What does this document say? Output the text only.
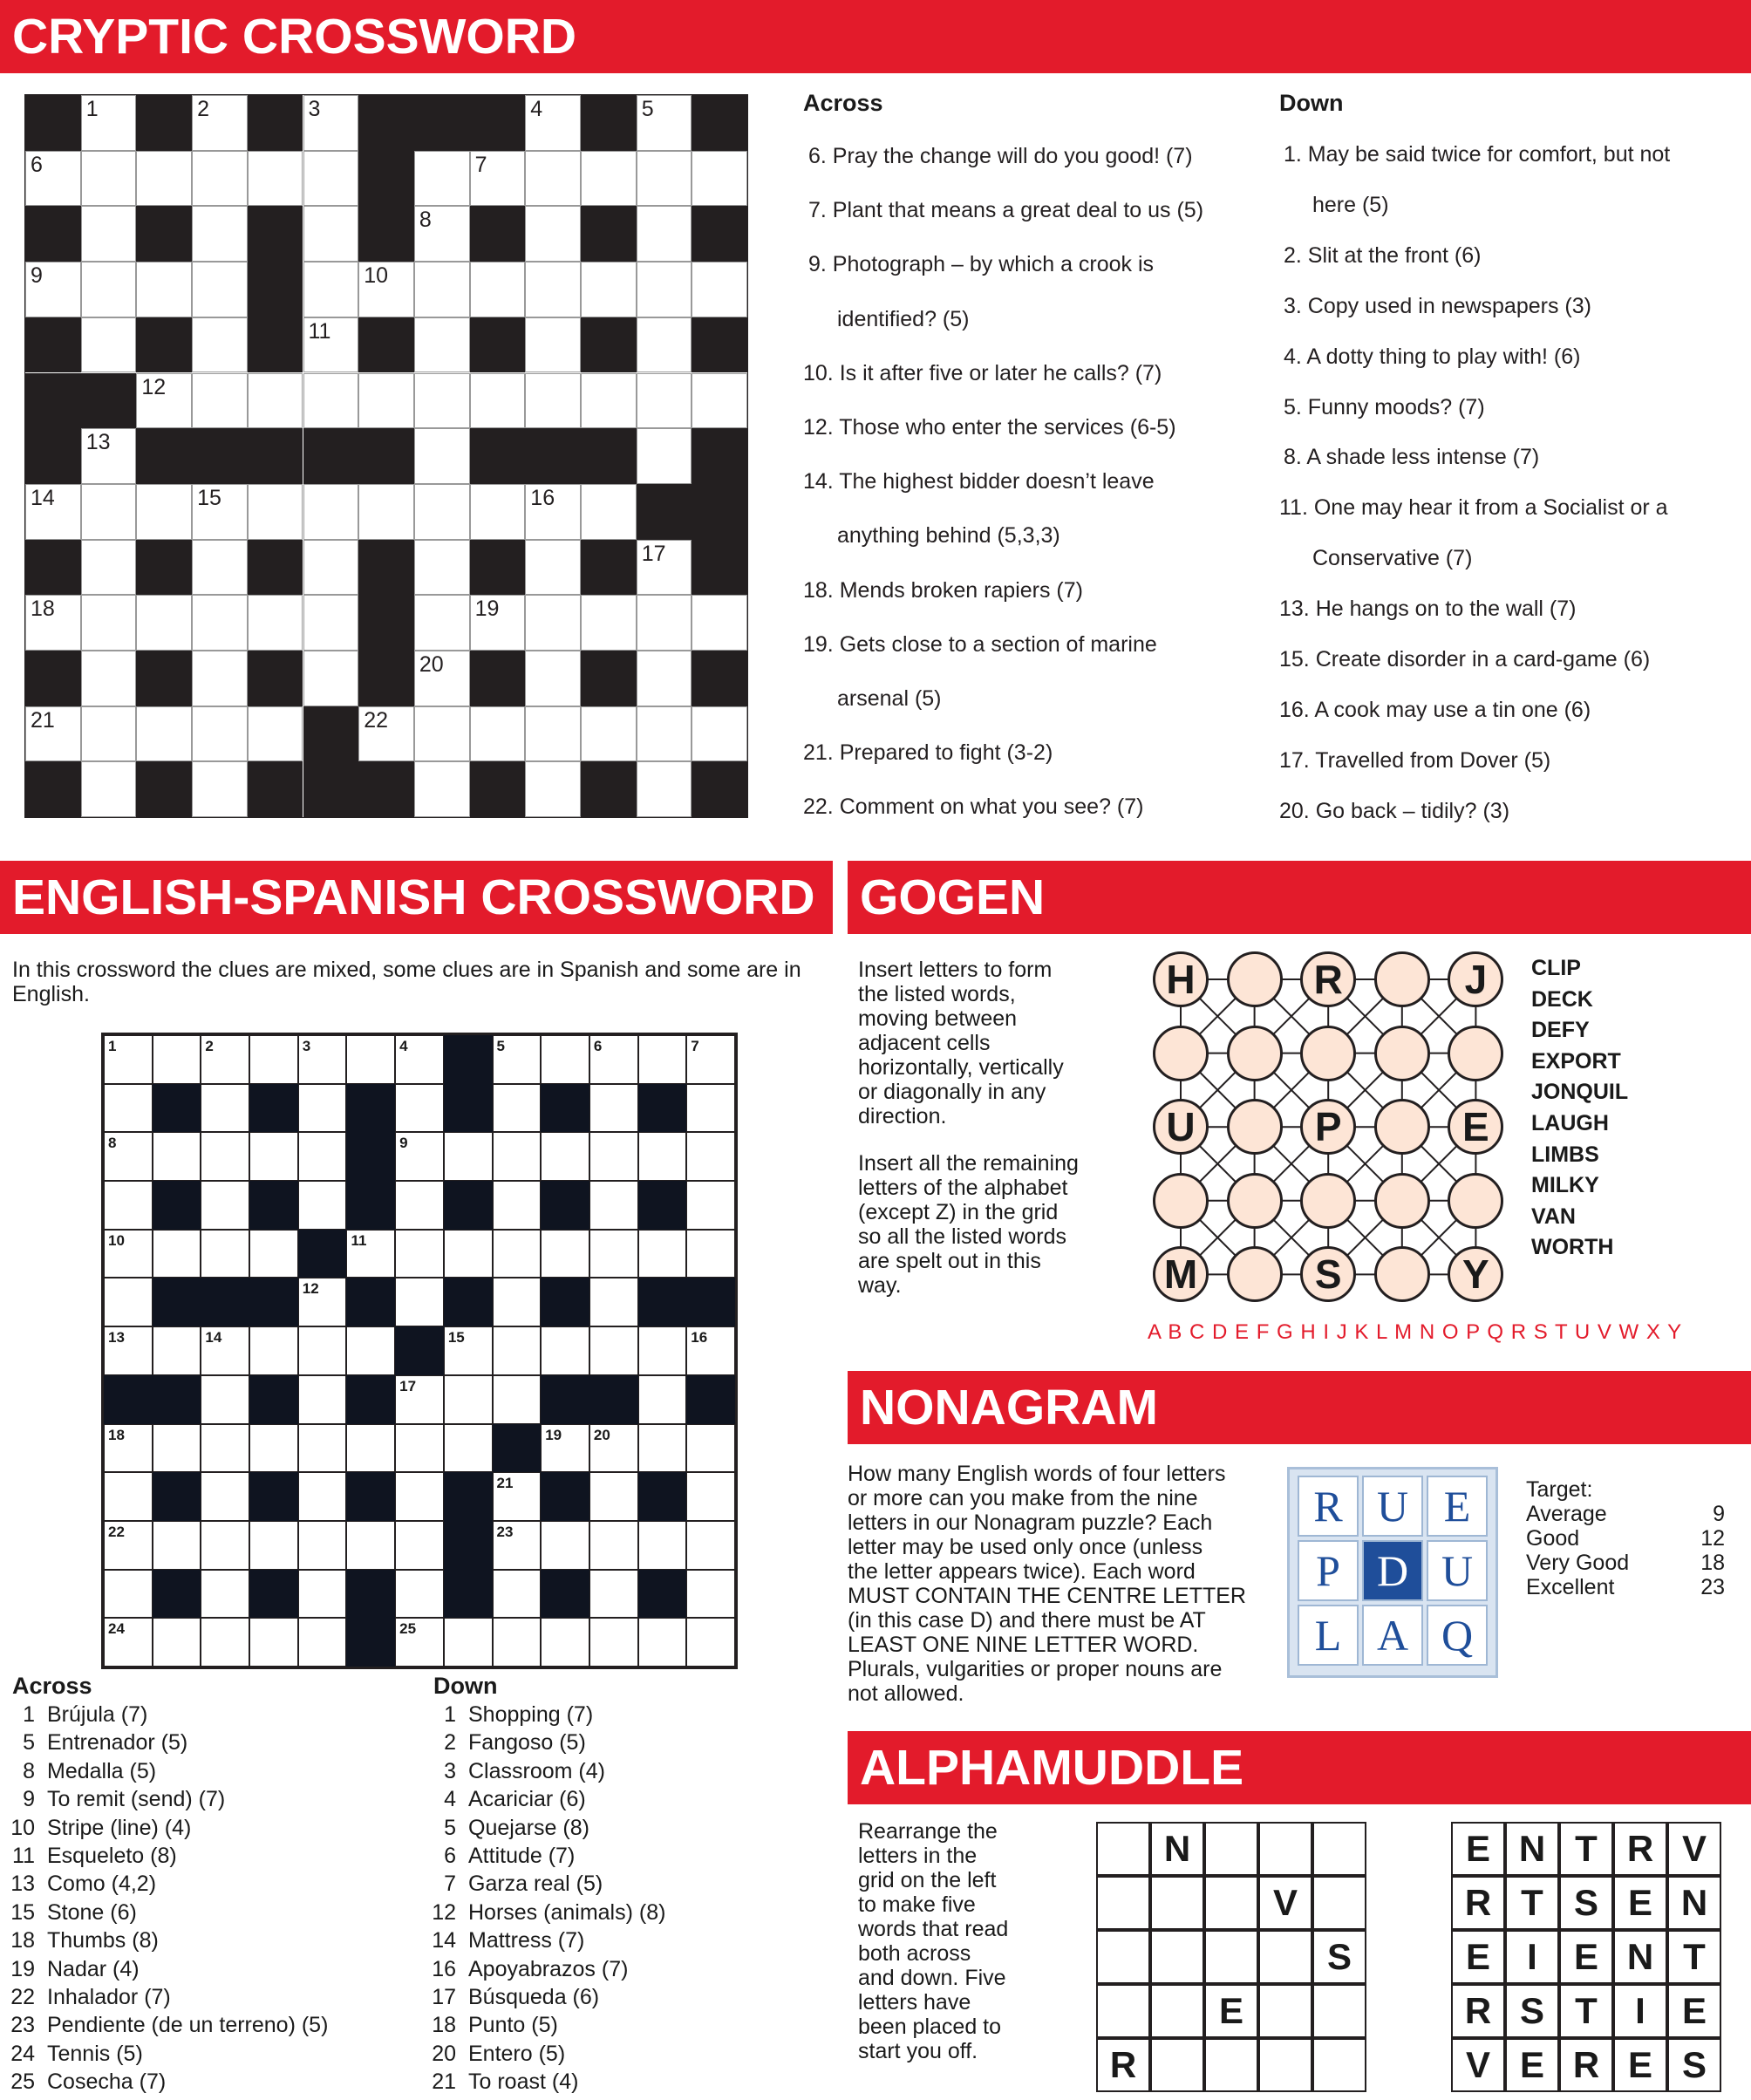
CRYPTIC CROSSWORD
1	2	3	4	5
6	7
8
9	10
11
12
13
14	15	16
17
18	19
20
21	22
Across
6. Pray the change will do you good! (7)
7. Plant that means a great deal to us (5)
9. Photograph – by which a crook is
identified? (5)
10. Is it after five or later he calls? (7)
12. Those who enter the services (6-5)
14. The highest bidder doesn’t leave
anything behind (5,3,3)
18. Mends broken rapiers (7)
19. Gets close to a section of marine
arsenal (5)
21. Prepared to fight (3-2)
22. Comment on what you see? (7)
Down
1. May be said twice for comfort, but not
here (5)
2. Slit at the front (6)
3. Copy used in newspapers (3)
4. A dotty thing to play with! (6)
5. Funny moods? (7)
8. A shade less intense (7)
11. One may hear it from a Socialist or a
Conservative (7)
13. He hangs on to the wall (7)
15. Create disorder in a card-game (6)
16. A cook may use a tin one (6)
17. Travelled from Dover (5)
20. Go back – tidily? (3)
ENGLISH-SPANISH CROSSWORD
In this crossword the clues are mixed, some clues are in Spanish and some are in English.
1	2	3	4	5	6	7
8	9
10	11
12
13	14	15	16
17
18	19 20
21
22	23
24	25
Across	Down
1 Brújula (7)
5 Entrenador (5)
8 Medalla (5)
9 To remit (send) (7)
10 Stripe (line) (4)
11 Esqueleto (8)
13 Como (4,2)
15 Stone (6)
18 Thumbs (8)
19 Nadar (4)
22 Inhalador (7)
23 Pendiente (de un terreno) (5)
24 Tennis (5)
25 Cosecha (7)
1 Shopping (7)
2 Fangoso (5)
3 Classroom (4)
4 Acariciar (6)
5 Quejarse (8)
6 Attitude (7)
7 Garza real (5)
12 Horses (animals) (8)
14 Mattress (7)
16 Apoyabrazos (7)
17 Búsqueda (6)
18 Punto (5)
20 Entero (5)
21 To roast (4)
GOGEN
Insert letters to form
the listed words,
moving between
adjacent cells
horizontally, vertically
or diagonally in any
direction.
Insert all the remaining
letters of the alphabet
(except Z) in the grid
so all the listed words
are spelt out in this
way.
H	R	J
U	P	E
M	S	Y
CLIP
DECK
DEFY
EXPORT
JONQUIL
LAUGH
LIMBS
MILKY
VAN
WORTH
A B C D E F G H I J K L M N O P Q R S T U V W X Y
NONAGRAM
How many English words of four letters
or more can you make from the nine
letters in our Nonagram puzzle? Each
letter may be used only once (unless
the letter appears twice). Each word
MUST CONTAIN THE CENTRE LETTER
(in this case D) and there must be AT
LEAST ONE NINE LETTER WORD.
Plurals, vulgarities or proper nouns are
not allowed.
R U E
P D U
L A Q
Target:
Average	9
Good	12
Very Good	18
Excellent	23
ALPHAMUDDLE
Rearrange the
letters in the
grid on the left
to make five
words that read
both across
and down. Five
letters have
been placed to
start you off.
N
V
S
E
R
E N T R V
R T S E N
E	I	E N T
R S T	I	E
V E R E S
